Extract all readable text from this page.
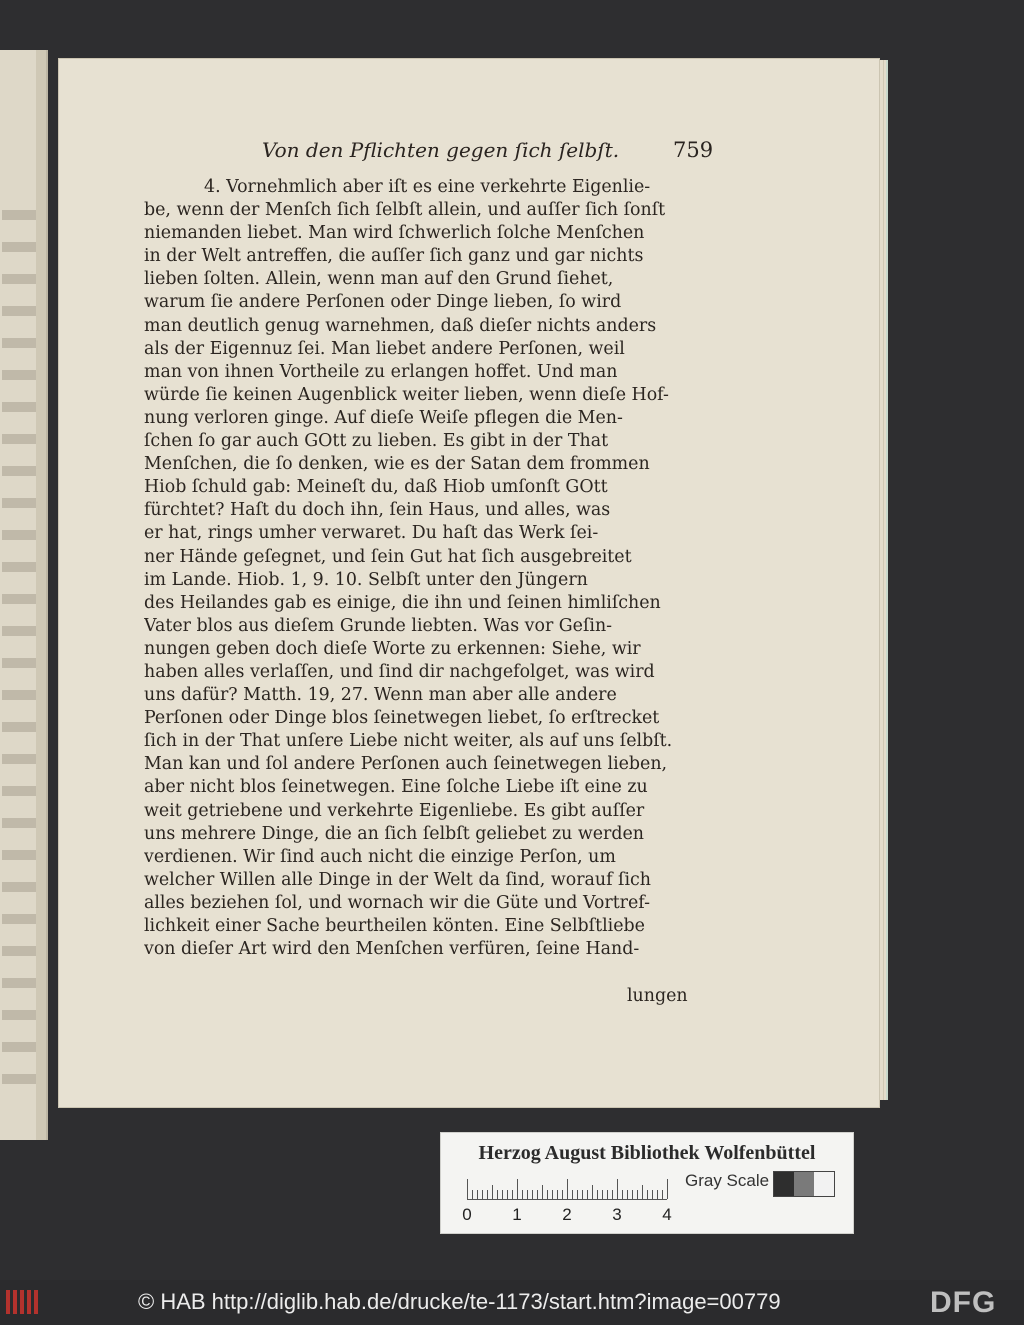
Von den Pflichten gegen ſich ſelbſt.	759
4. Vornehmlich aber iſt es eine verkehrte Eigenlie-
be, wenn der Menſch ſich ſelbſt allein, und auſſer ſich ſonſt
niemanden liebet. Man wird ſchwerlich ſolche Menſchen
in der Welt antreffen, die auſſer ſich ganz und gar nichts
lieben ſolten. Allein, wenn man auf den Grund ſiehet,
warum ſie andere Perſonen oder Dinge lieben, ſo wird
man deutlich genug warnehmen, daß dieſer nichts anders
als der Eigennuz ſei. Man liebet andere Perſonen, weil
man von ihnen Vortheile zu erlangen hoffet. Und man
würde ſie keinen Augenblick weiter lieben, wenn dieſe Hof-
nung verloren ginge. Auf dieſe Weiſe pflegen die Men-
ſchen ſo gar auch GOtt zu lieben. Es gibt in der That
Menſchen, die ſo denken, wie es der Satan dem frommen
Hiob ſchuld gab: Meineſt du, daß Hiob umſonſt GOtt
fürchtet? Haſt du doch ihn, ſein Haus, und alles, was
er hat, rings umher verwaret. Du haſt das Werk ſei-
ner Hände geſegnet, und ſein Gut hat ſich ausgebreitet
im Lande. Hiob. 1, 9. 10. Selbſt unter den Jüngern
des Heilandes gab es einige, die ihn und ſeinen himliſchen
Vater blos aus dieſem Grunde liebten. Was vor Geſin-
nungen geben doch dieſe Worte zu erkennen: Siehe, wir
haben alles verlaſſen, und ſind dir nachgefolget, was wird
uns dafür? Matth. 19, 27. Wenn man aber alle andere
Perſonen oder Dinge blos ſeinetwegen liebet, ſo erſtrecket
ſich in der That unſere Liebe nicht weiter, als auf uns ſelbſt.
Man kan und ſol andere Perſonen auch ſeinetwegen lieben,
aber nicht blos ſeinetwegen. Eine ſolche Liebe iſt eine zu
weit getriebene und verkehrte Eigenliebe. Es gibt auſſer
uns mehrere Dinge, die an ſich ſelbſt geliebet zu werden
verdienen. Wir ſind auch nicht die einzige Perſon, um
welcher Willen alle Dinge in der Welt da ſind, worauf ſich
alles beziehen ſol, und wornach wir die Güte und Vortref-
lichkeit einer Sache beurtheilen könten. Eine Selbſtliebe
von dieſer Art wird den Menſchen verfüren, ſeine Hand-
lungen
Herzog August Bibliothek Wolfenbüttel
0 1 2 3 4
Gray Scale
© HAB http://diglib.hab.de/drucke/te-1173/start.htm?image=00779	DFG
